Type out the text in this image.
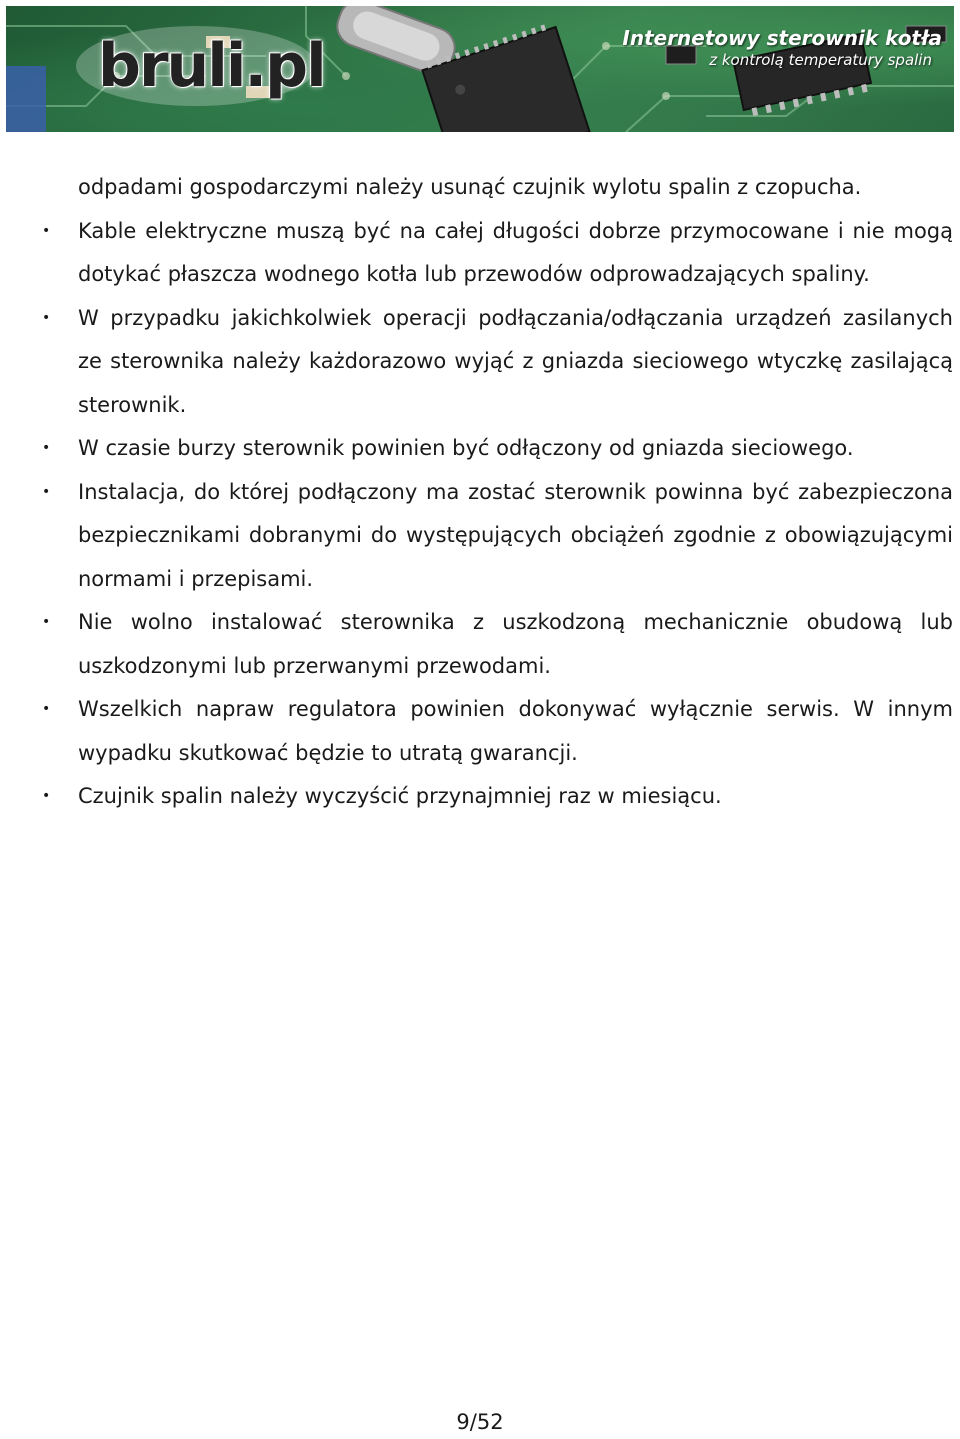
bruli.pl	Internetowy sterownik kotła
z kontrolą temperatury spalin

odpadami gospodarczymi należy usunąć czujnik wylotu spalin z czopucha.

• Kable elektryczne muszą być na całej długości dobrze przymocowane i nie mogą dotykać płaszcza wodnego kotła lub przewodów odprowadzających spaliny.
• W przypadku jakichkolwiek operacji podłączania/odłączania urządzeń zasilanych ze sterownika należy każdorazowo wyjąć z gniazda sieciowego wtyczkę zasilającą sterownik.
• W czasie burzy sterownik powinien być odłączony od gniazda sieciowego.
• Instalacja, do której podłączony ma zostać sterownik powinna być zabezpieczona bezpiecznikami dobranymi do występujących obciążeń zgodnie z obowiązującymi normami i przepisami.
• Nie wolno instalować sterownika z uszkodzoną mechanicznie obudową lub uszkodzonymi lub przerwanymi przewodami.
• Wszelkich napraw regulatora powinien dokonywać wyłącznie serwis. W innym wypadku skutkować będzie to utratą gwarancji.
• Czujnik spalin należy wyczyścić przynajmniej raz w miesiącu.
9/52
